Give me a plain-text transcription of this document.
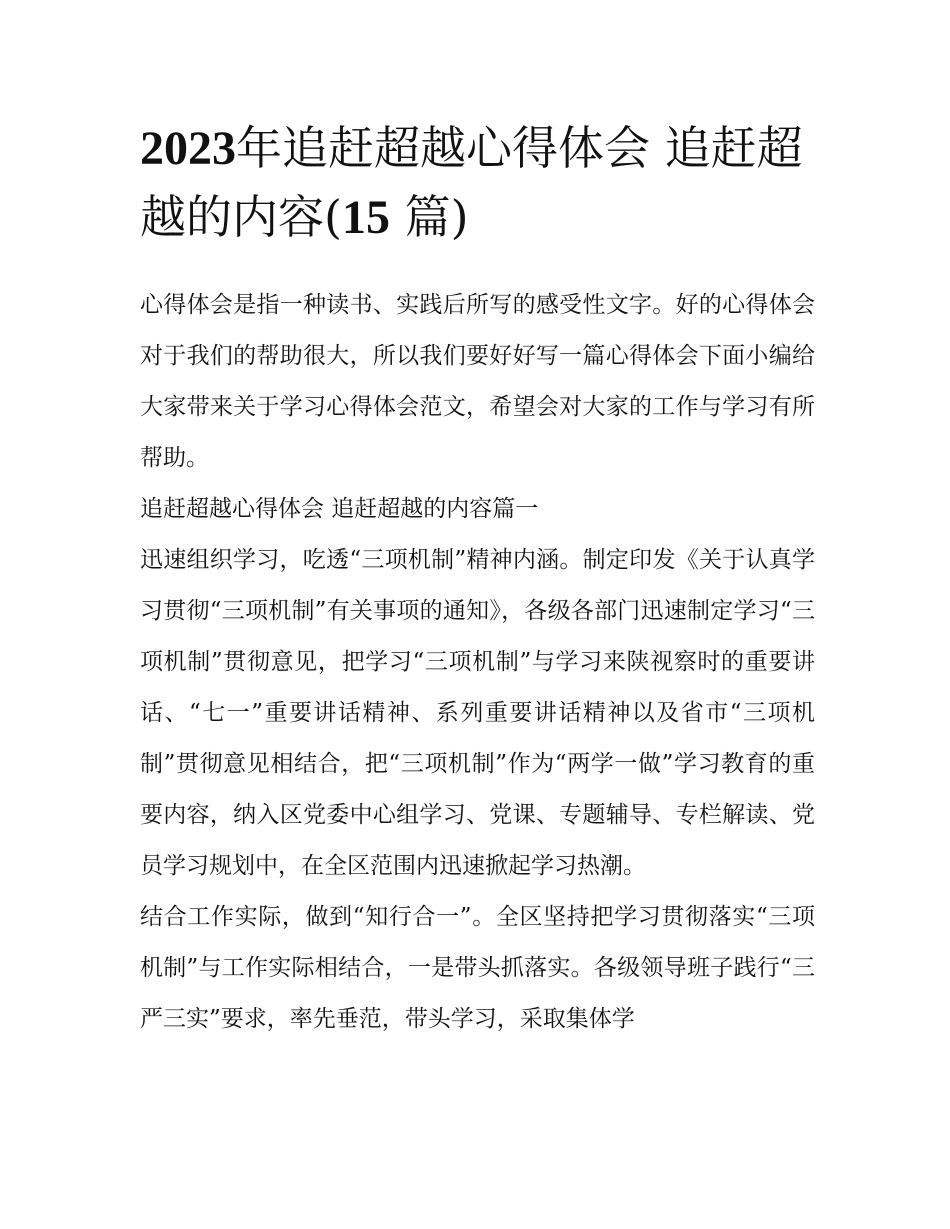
2023年追赶超越心得体会 追赶超越的内容(15 篇)

心得体会是指一种读书、实践后所写的感受性文字。好的心得体会对于我们的帮助很大，所以我们要好好写一篇心得体会下面小编给大家带来关于学习心得体会范文，希望会对大家的工作与学习有所帮助。

追赶超越心得体会 追赶超越的内容篇一

迅速组织学习，吃透“三项机制”精神内涵。制定印发《关于认真学习贯彻“三项机制”有关事项的通知》，各级各部门迅速制定学习“三项机制”贯彻意见，把学习“三项机制”与学习来陕视察时的重要讲话、“七一”重要讲话精神、系列重要讲话精神以及省市“三项机制”贯彻意见相结合，把“三项机制”作为“两学一做”学习教育的重要内容，纳入区党委中心组学习、党课、专题辅导、专栏解读、党员学习规划中，在全区范围内迅速掀起学习热潮。

结合工作实际，做到“知行合一”。全区坚持把学习贯彻落实“三项机制”与工作实际相结合，一是带头抓落实。各级领导班子践行“三严三实”要求，率先垂范，带头学习，采取集体学
